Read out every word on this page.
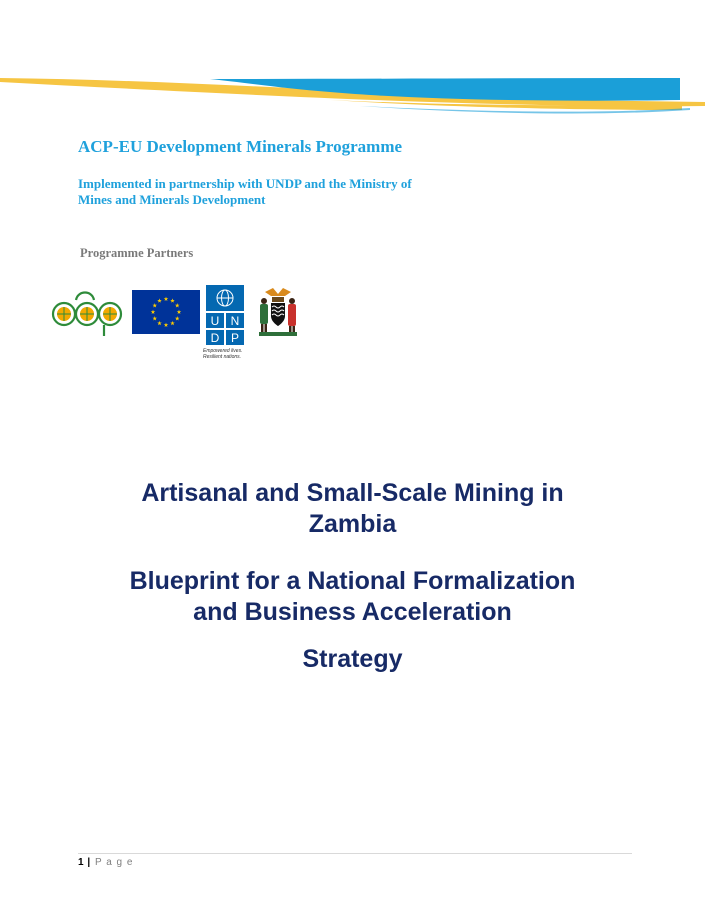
ACP-EU Development Minerals Programme

Implemented in partnership with UNDP and the Ministry of
Mines and Minerals Development

Programme Partners

U N
D P
Empowered lives.
Resilient nations.
Artisanal and Small-Scale Mining in
Zambia
Blueprint for a National Formalization
and Business Acceleration
Strategy
1 | P a g e
